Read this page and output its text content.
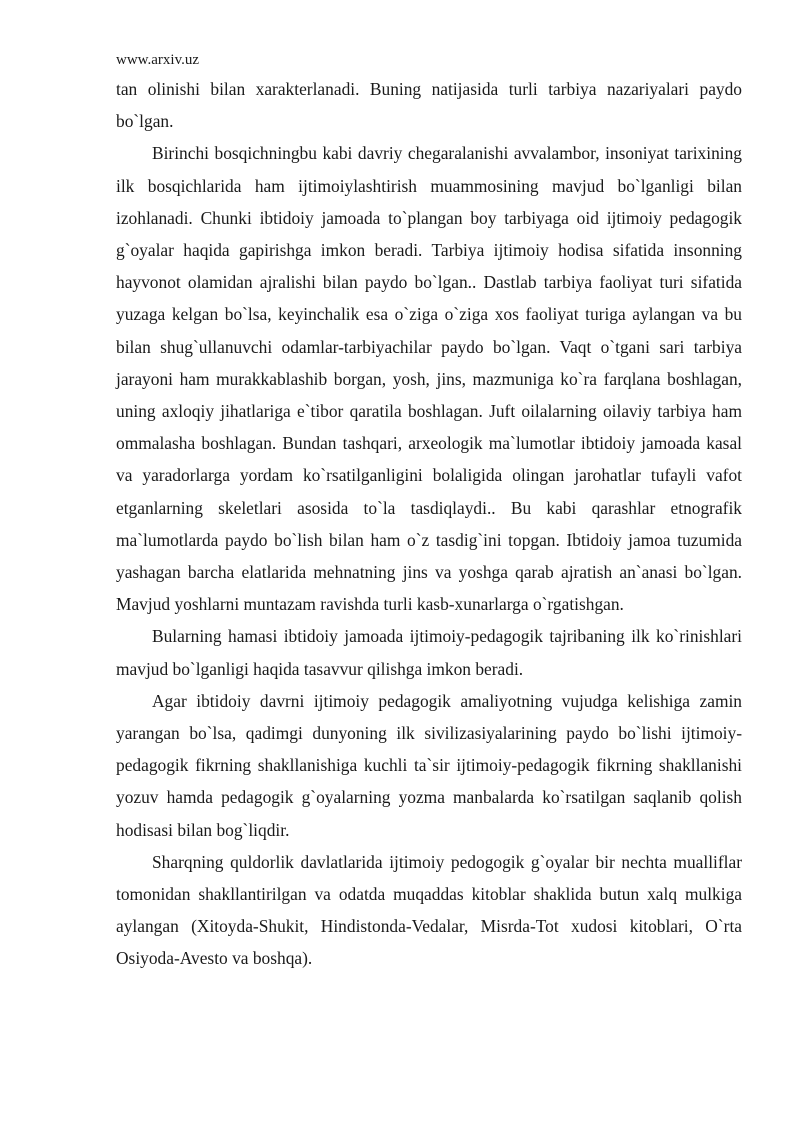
www.arxiv.uz

tan olinishi bilan xarakterlanadi. Buning natijasida turli tarbiya nazariyalari paydo bo`lgan.

Birinchi bosqichningbu kabi davriy chegaralanishi avvalambor, insoniyat tarixining ilk bosqichlarida ham ijtimoiylashtirish muammosining mavjud bo`lganligi bilan izohlanadi. Chunki ibtidoiy jamoada to`plangan boy tarbiyaga oid ijtimoiy pedagogik g`oyalar haqida gapirishga imkon beradi. Tarbiya ijtimoiy hodisa sifatida insonning hayvonot olamidan ajralishi bilan paydo bo`lgan.. Dastlab tarbiya faoliyat turi sifatida yuzaga kelgan bo`lsa, keyinchalik esa o`ziga o`ziga xos faoliyat turiga aylangan va bu bilan shug`ullanuvchi odamlar-tarbiyachilar paydo bo`lgan. Vaqt o`tgani sari tarbiya jarayoni ham murakkablashib borgan, yosh, jins, mazmuniga ko`ra farqlana boshlagan, uning axloqiy jihatlariga e`tibor qaratila boshlagan. Juft oilalarning oilaviy tarbiya ham ommalasha boshlagan. Bundan tashqari, arxeologik ma`lumotlar ibtidoiy jamoada kasal va yaradorlarga yordam ko`rsatilganligini bolaligida olingan jarohatlar tufayli vafot etganlarning skeletlari asosida to`la tasdiqlaydi.. Bu kabi qarashlar etnografik ma`lumotlarda paydo bo`lish bilan ham o`z tasdig`ini topgan. Ibtidoiy jamoa tuzumida yashagan barcha elatlarida mehnatning jins va yoshga qarab ajratish an`anasi bo`lgan. Mavjud yoshlarni muntazam ravishda turli kasb-xunarlarga o`rgatishgan.

Bularning hamasi ibtidoiy jamoada ijtimoiy-pedagogik tajribaning ilk ko`rinishlari mavjud bo`lganligi haqida tasavvur qilishga imkon beradi.

Agar ibtidoiy davrni ijtimoiy pedagogik amaliyotning vujudga kelishiga zamin yarangan bo`lsa, qadimgi dunyoning ilk sivilizasiyalarining paydo bo`lishi ijtimoiy-pedagogik fikrning shakllanishiga kuchli ta`sir ijtimoiy-pedagogik fikrning shakllanishi yozuv hamda pedagogik g`oyalarning yozma manbalarda ko`rsatilgan saqlanib qolish hodisasi bilan bog`liqdir.

Sharqning quldorlik davlatlarida ijtimoiy pedogogik g`oyalar bir nechta mualliflar tomonidan shakllantirilgan va odatda muqaddas kitoblar shaklida butun xalq mulkiga aylangan (Xitoyda-Shukit, Hindistonda-Vedalar, Misrda-Tot xudosi kitoblari, O`rta Osiyoda-Avesto va boshqa).
